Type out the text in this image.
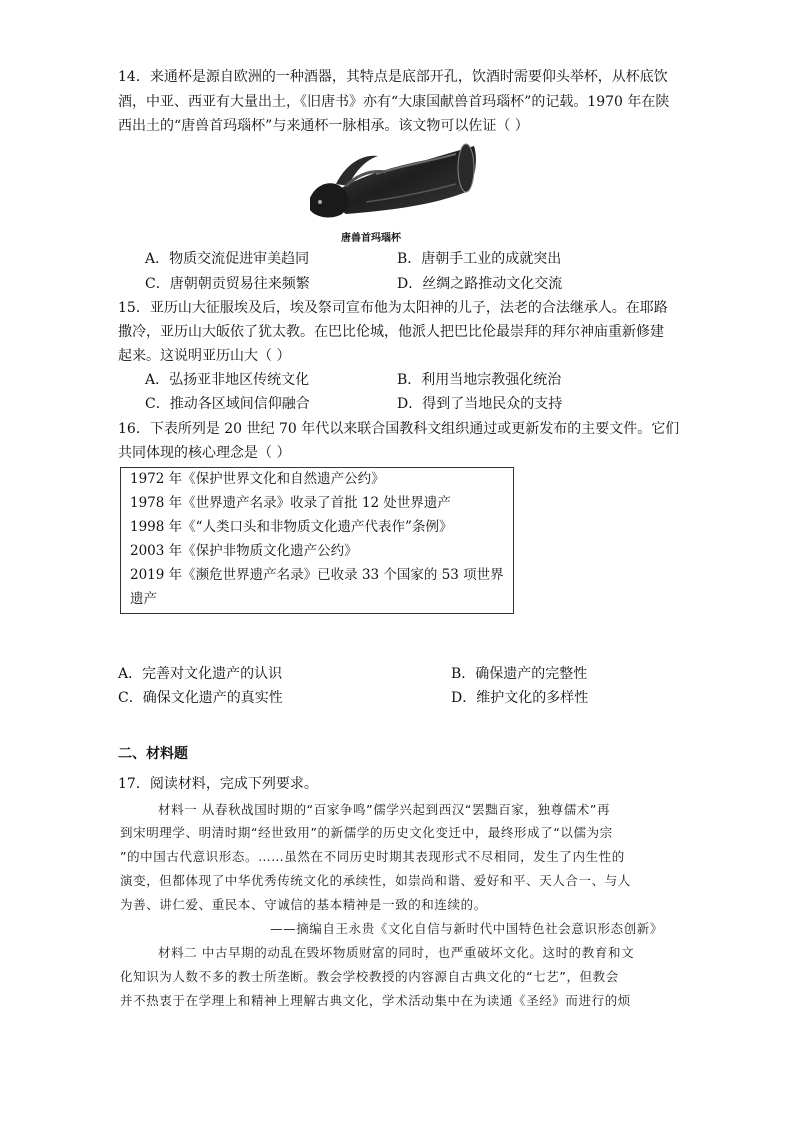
14．来通杯是源自欧洲的一种酒器，其特点是底部开孔，饮酒时需要仰头举杯，从杯底饮
酒，中亚、西亚有大量出土，《旧唐书》亦有“大康国献兽首玛瑙杯”的记载。1970 年在陕
西出土的“唐兽首玛瑙杯”与来通杯一脉相承。该文物可以佐证（ ）
唐兽首玛瑙杯
A．物质交流促进审美趋同	B．唐朝手工业的成就突出
C．唐朝朝贡贸易往来频繁	D．丝绸之路推动文化交流
15．亚历山大征服埃及后，埃及祭司宣布他为太阳神的儿子，法老的合法继承人。在耶路
撒冷，亚历山大皈依了犹太教。在巴比伦城，他派人把巴比伦最崇拜的拜尔神庙重新修建
起来。这说明亚历山大（ ）
A．弘扬亚非地区传统文化	B．利用当地宗教强化统治
C．推动各区域间信仰融合	D．得到了当地民众的支持
16．下表所列是 20 世纪 70 年代以来联合国教科文组织通过或更新发布的主要文件。它们
共同体现的核心理念是（ ）
1972 年《保护世界文化和自然遗产公约》
1978 年《世界遗产名录》收录了首批 12 处世界遗产
1998 年《“人类口头和非物质文化遗产代表作”条例》
2003 年《保护非物质文化遗产公约》
2019 年《濒危世界遗产名录》已收录 33 个国家的 53 项世界
遗产
A．完善对文化遗产的认识	B．确保遗产的完整性
C．确保文化遗产的真实性	D．维护文化的多样性
二、材料题
17．阅读材料，完成下列要求。
材料一 从春秋战国时期的“百家争鸣”儒学兴起到西汉“罢黜百家，独尊儒术”再
到宋明理学、明清时期“经世致用”的新儒学的历史文化变迁中，最终形成了“以儒为宗
”的中国古代意识形态。……虽然在不同历史时期其表现形式不尽相同，发生了内生性的
演变，但都体现了中华优秀传统文化的承续性，如崇尚和谐、爱好和平、天人合一、与人
为善、讲仁爱、重民本、守诚信的基本精神是一致的和连续的。
——摘编自王永贵《文化自信与新时代中国特色社会意识形态创新》
材料二 中古早期的动乱在毁坏物质财富的同时，也严重破坏文化。这时的教育和文
化知识为人数不多的教士所垄断。教会学校教授的内容源自古典文化的“七艺”，但教会
并不热衷于在学理上和精神上理解古典文化，学术活动集中在为读通《圣经》而进行的烦
